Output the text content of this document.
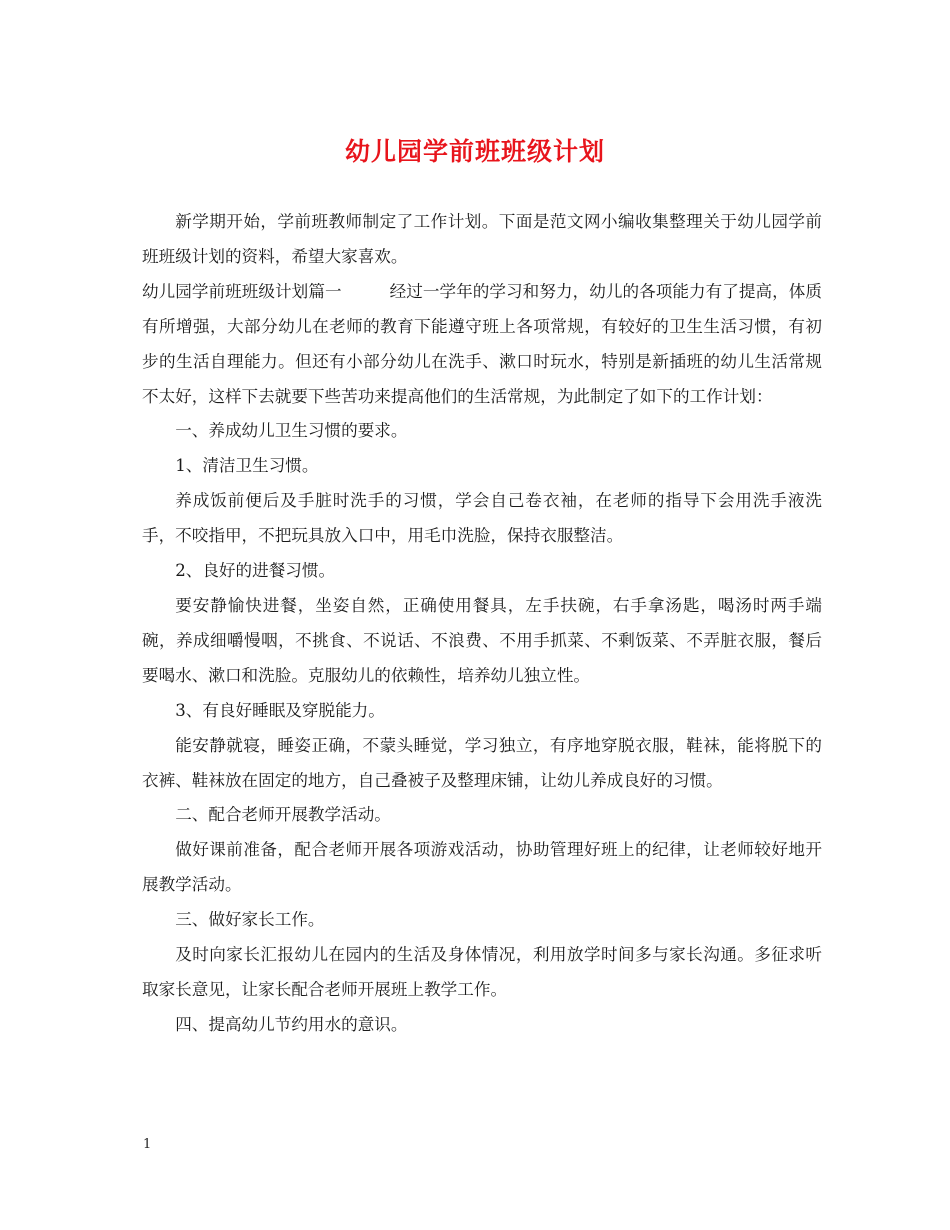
幼儿园学前班班级计划

新学期开始，学前班教师制定了工作计划。下面是范文网小编收集整理关于幼儿园学前班班级计划的资料，希望大家喜欢。

幼儿园学前班班级计划篇一	经过一学年的学习和努力，幼儿的各项能力有了提高，体质有所增强，大部分幼儿在老师的教育下能遵守班上各项常规，有较好的卫生生活习惯，有初步的生活自理能力。但还有小部分幼儿在洗手、漱口时玩水，特别是新插班的幼儿生活常规不太好，这样下去就要下些苦功来提高他们的生活常规，为此制定了如下的工作计划：

一、养成幼儿卫生习惯的要求。

1、清洁卫生习惯。

养成饭前便后及手脏时洗手的习惯，学会自己卷衣袖，在老师的指导下会用洗手液洗手，不咬指甲，不把玩具放入口中，用毛巾洗脸，保持衣服整洁。

2、良好的进餐习惯。

要安静愉快进餐，坐姿自然，正确使用餐具，左手扶碗，右手拿汤匙，喝汤时两手端碗，养成细嚼慢咽，不挑食、不说话、不浪费、不用手抓菜、不剩饭菜、不弄脏衣服，餐后要喝水、漱口和洗脸。克服幼儿的依赖性，培养幼儿独立性。

3、有良好睡眠及穿脱能力。

能安静就寝，睡姿正确，不蒙头睡觉，学习独立，有序地穿脱衣服，鞋袜，能将脱下的衣裤、鞋袜放在固定的地方，自己叠被子及整理床铺，让幼儿养成良好的习惯。

二、配合老师开展教学活动。

做好课前准备，配合老师开展各项游戏活动，协助管理好班上的纪律，让老师较好地开展教学活动。

三、做好家长工作。

及时向家长汇报幼儿在园内的生活及身体情况，利用放学时间多与家长沟通。多征求听取家长意见，让家长配合老师开展班上教学工作。

四、提高幼儿节约用水的意识。

1
